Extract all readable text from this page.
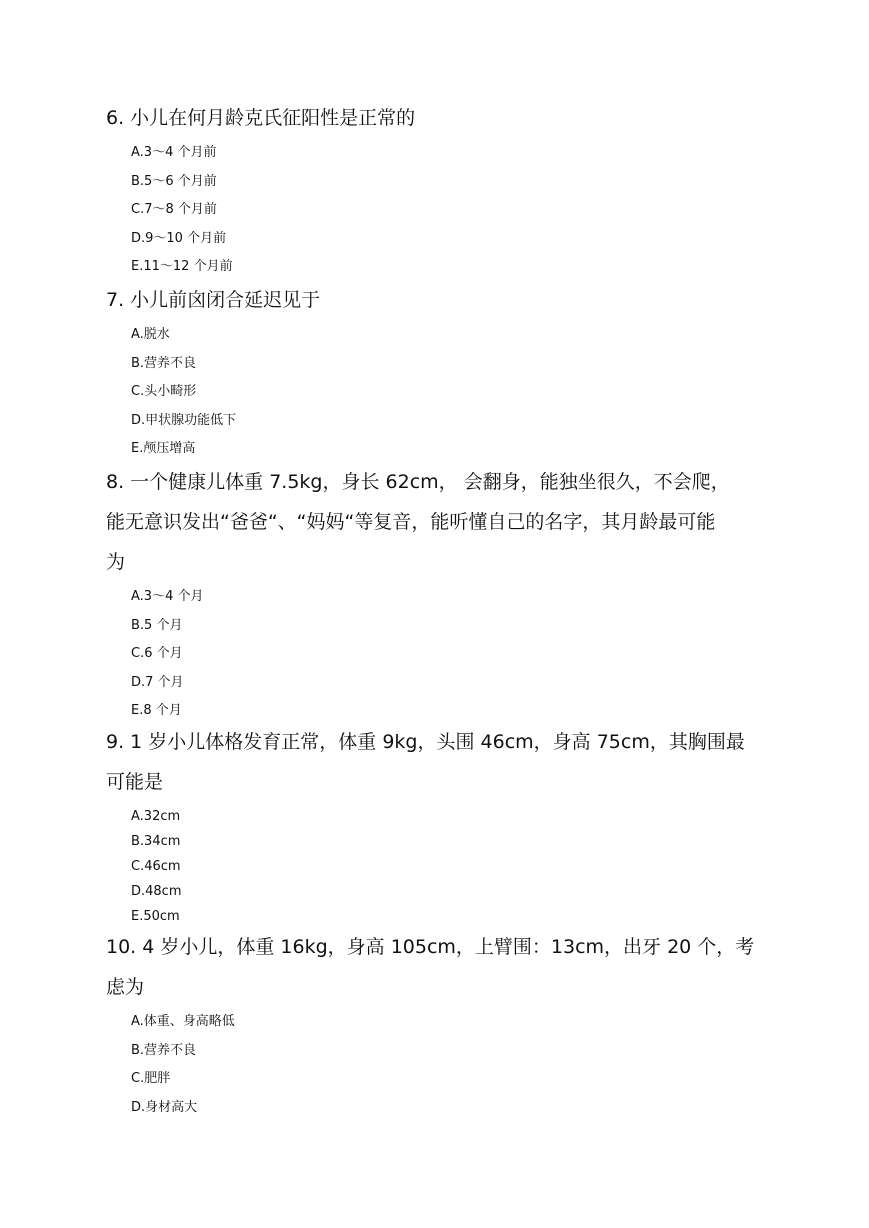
6. 小儿在何月龄克氏征阳性是正常的
A.3～4 个月前
B.5～6 个月前
C.7～8 个月前
D.9～10 个月前
E.11～12 个月前
7. 小儿前囟闭合延迟见于
A.脱水
B.营养不良
C.头小畸形
D.甲状腺功能低下
E.颅压增高
8. 一个健康儿体重 7.5kg，身长 62cm， 会翻身，能独坐很久，不会爬，
能无意识发出“爸爸“、“妈妈“等复音，能听懂自己的名字，其月龄最可能
为
A.3～4 个月
B.5 个月
C.6 个月
D.7 个月
E.8 个月
9. 1 岁小儿体格发育正常，体重 9kg，头围 46cm，身高 75cm，其胸围最
可能是
A.32cm
B.34cm
C.46cm
D.48cm
E.50cm
10. 4 岁小儿，体重 16kg，身高 105cm，上臂围：13cm，出牙 20 个，考
虑为
A.体重、身高略低
B.营养不良
C.肥胖
D.身材高大
